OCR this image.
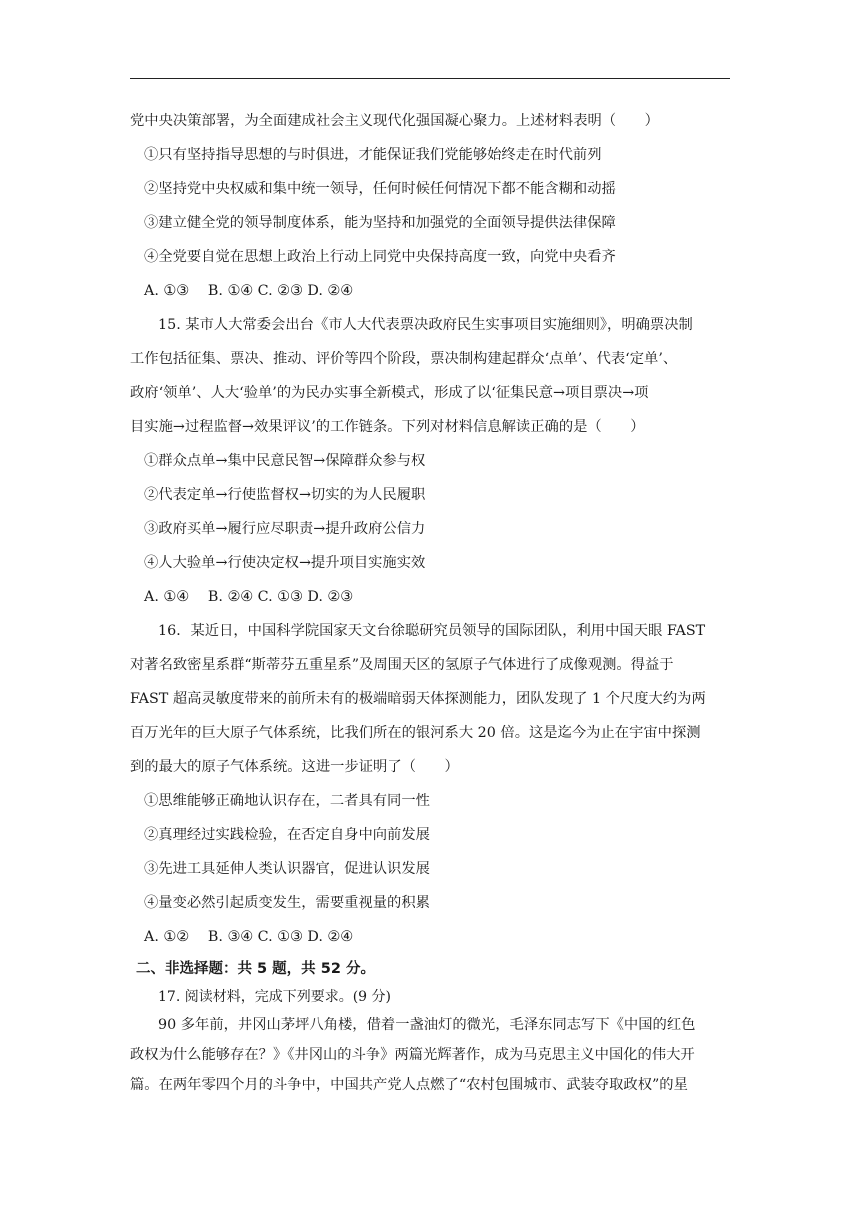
党中央决策部署，为全面建成社会主义现代化强国凝心聚力。上述材料表明（　　）
①只有坚持指导思想的与时俱进，才能保证我们党能够始终走在时代前列
②坚持党中央权威和集中统一领导，任何时候任何情况下都不能含糊和动摇
③建立健全党的领导制度体系，能为坚持和加强党的全面领导提供法律保障
④全党要自觉在思想上政治上行动上同党中央保持高度一致，向党中央看齐
A. ①③　 B. ①④ C. ②③ D. ②④
15. 某市人大常委会出台《市人大代表票决政府民生实事项目实施细则》，明确票决制
工作包括征集、票决、推动、评价等四个阶段，票决制构建起群众‘点单’、代表‘定单’、
政府‘领单’、人大‘验单’的为民办实事全新模式，形成了以‘征集民意→项目票决→项
目实施→过程监督→效果评议’的工作链条。下列对材料信息解读正确的是（　　）
①群众点单→集中民意民智→保障群众参与权
②代表定单→行使监督权→切实的为人民履职
③政府买单→履行应尽职责→提升政府公信力
④人大验单→行使决定权→提升项目实施实效
A. ①④　 B. ②④ C. ①③ D. ②③
16．某近日，中国科学院国家天文台徐聪研究员领导的国际团队，利用中国天眼 FAST
对著名致密星系群“斯蒂芬五重星系”及周围天区的氢原子气体进行了成像观测。得益于
FAST 超高灵敏度带来的前所未有的极端暗弱天体探测能力，团队发现了 1 个尺度大约为两
百万光年的巨大原子气体系统，比我们所在的银河系大 20 倍。这是迄今为止在宇宙中探测
到的最大的原子气体系统。这进一步证明了（　　）
①思维能够正确地认识存在，二者具有同一性
②真理经过实践检验，在否定自身中向前发展
③先进工具延伸人类认识器官，促进认识发展
④量变必然引起质变发生，需要重视量的积累
A. ①②　 B. ③④ C. ①③ D. ②④
二、非选择题：共 5 题，共 52 分。
17. 阅读材料，完成下列要求。(9 分)
90 多年前，井冈山茅坪八角楼，借着一盏油灯的微光，毛泽东同志写下《中国的红色
政权为什么能够存在？》《井冈山的斗争》两篇光辉著作，成为马克思主义中国化的伟大开
篇。在两年零四个月的斗争中，中国共产党人点燃了“农村包围城市、武装夺取政权”的星
